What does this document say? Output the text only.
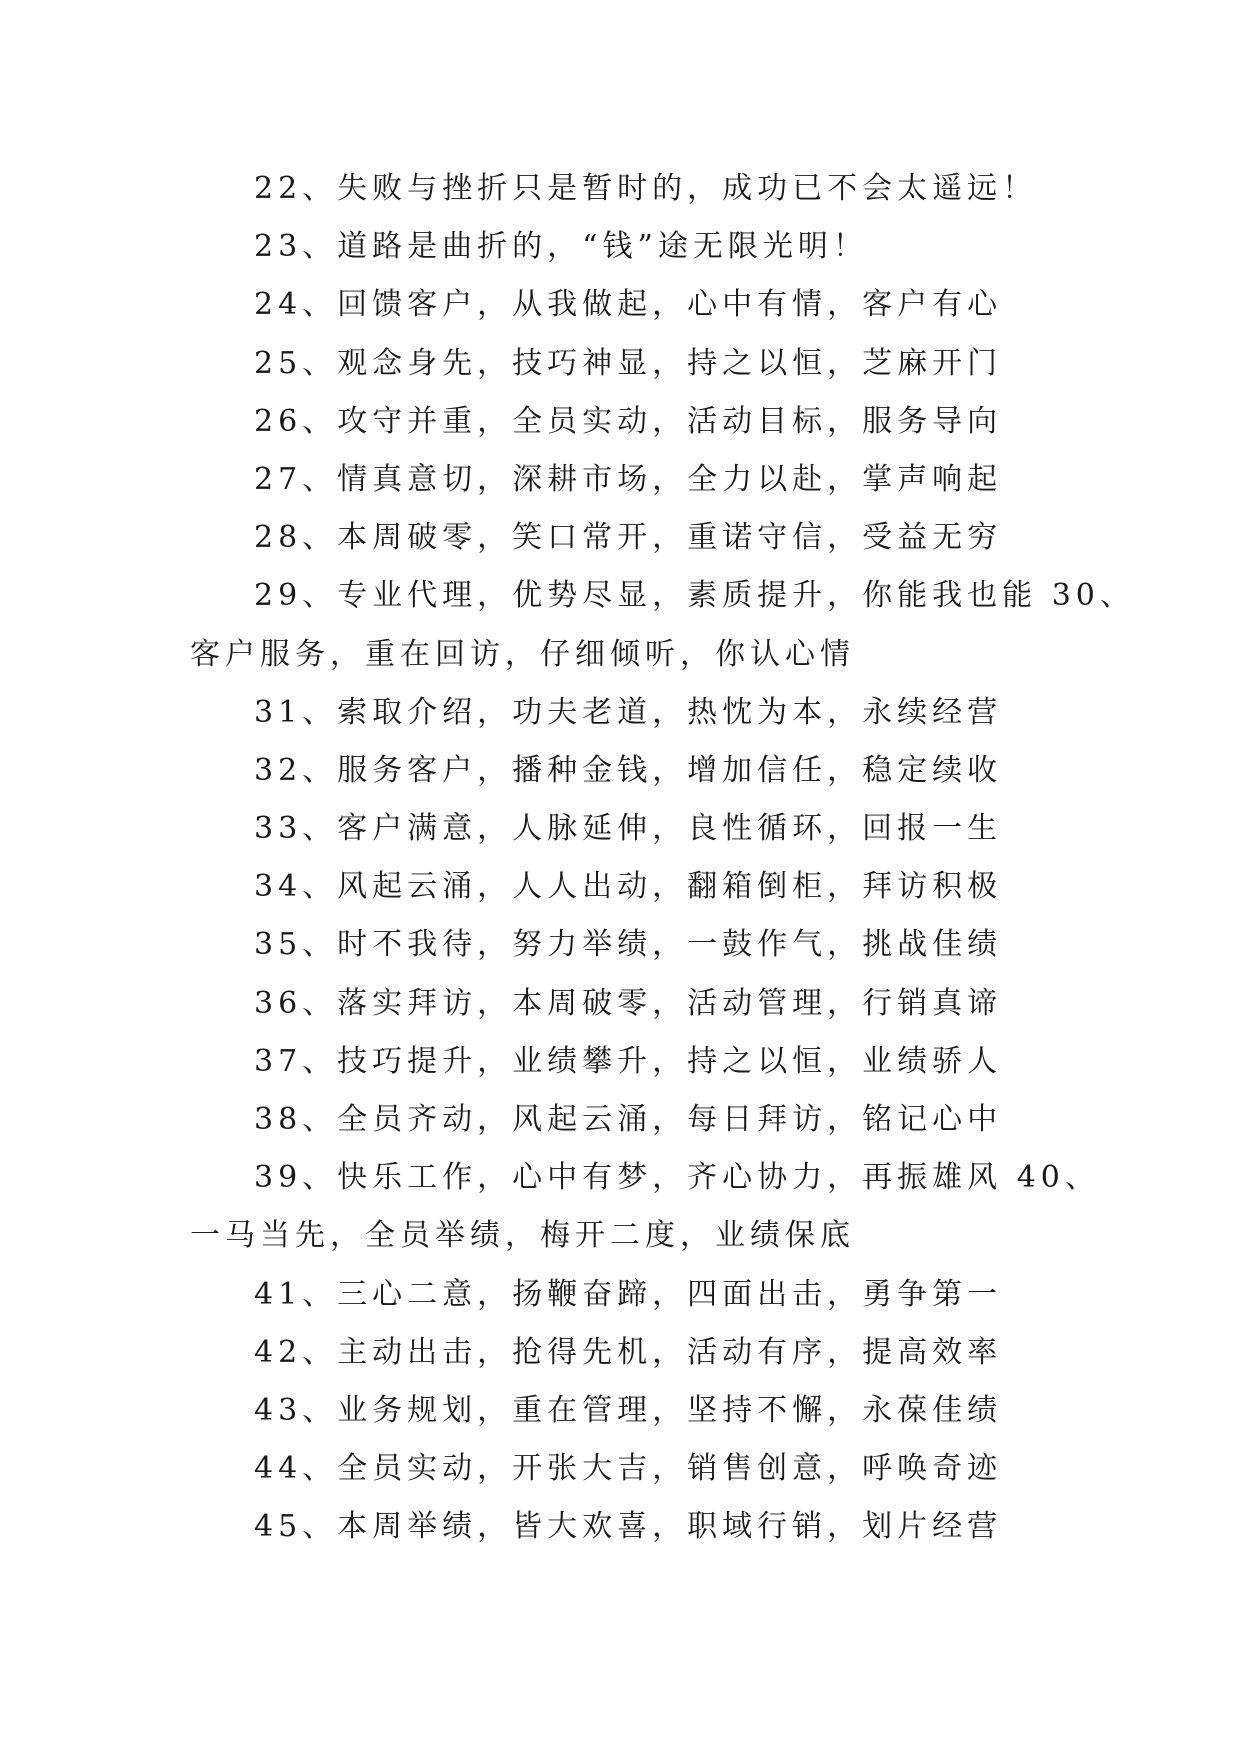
22、失败与挫折只是暂时的，成功已不会太遥远！

23、道路是曲折的，“钱”途无限光明！

24、回馈客户，从我做起，心中有情，客户有心

25、观念身先，技巧神显，持之以恒，芝麻开门

26、攻守并重，全员实动，活动目标，服务导向

27、情真意切，深耕市场，全力以赴，掌声响起

28、本周破零，笑口常开，重诺守信，受益无穷

29、专业代理，优势尽显，素质提升，你能我也能 30、

客户服务，重在回访，仔细倾听，你认心情

31、索取介绍，功夫老道，热忱为本，永续经营

32、服务客户，播种金钱，增加信任，稳定续收

33、客户满意，人脉延伸，良性循环，回报一生

34、风起云涌，人人出动，翻箱倒柜，拜访积极

35、时不我待，努力举绩，一鼓作气，挑战佳绩

36、落实拜访，本周破零，活动管理，行销真谛

37、技巧提升，业绩攀升，持之以恒，业绩骄人

38、全员齐动，风起云涌，每日拜访，铭记心中

39、快乐工作，心中有梦，齐心协力，再振雄风 40、

一马当先，全员举绩，梅开二度，业绩保底

41、三心二意，扬鞭奋蹄，四面出击，勇争第一

42、主动出击，抢得先机，活动有序，提高效率

43、业务规划，重在管理，坚持不懈，永葆佳绩

44、全员实动，开张大吉，销售创意，呼唤奇迹

45、本周举绩，皆大欢喜，职域行销，划片经营
